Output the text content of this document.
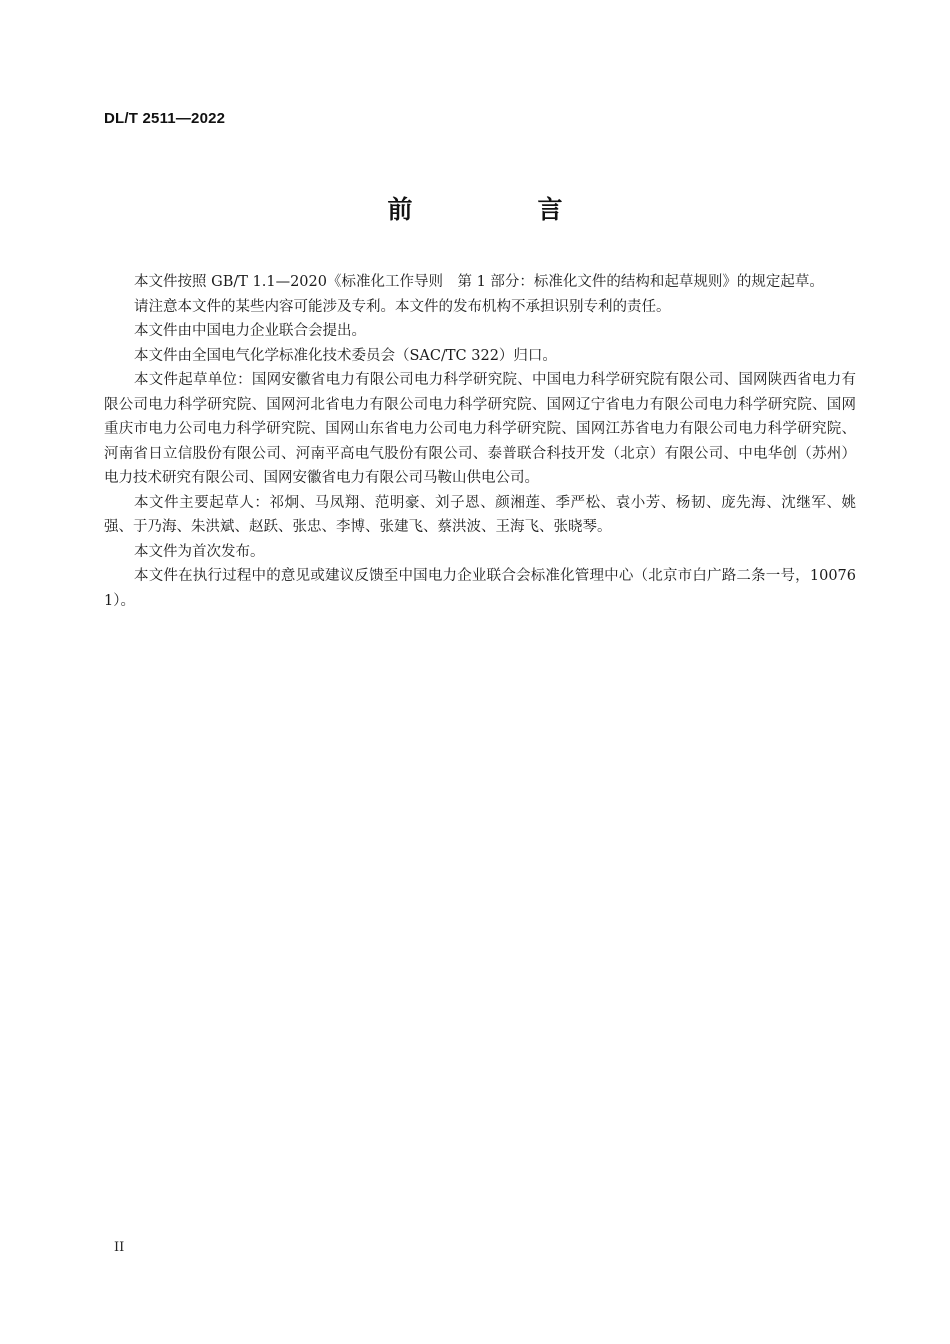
DL/T 2511—2022
前　言

本文件按照 GB/T 1.1—2020《标准化工作导则　第 1 部分：标准化文件的结构和起草规则》的规定起草。

请注意本文件的某些内容可能涉及专利。本文件的发布机构不承担识别专利的责任。

本文件由中国电力企业联合会提出。

本文件由全国电气化学标准化技术委员会（SAC/TC 322）归口。

本文件起草单位：国网安徽省电力有限公司电力科学研究院、中国电力科学研究院有限公司、国网陕西省电力有限公司电力科学研究院、国网河北省电力有限公司电力科学研究院、国网辽宁省电力有限公司电力科学研究院、国网重庆市电力公司电力科学研究院、国网山东省电力公司电力科学研究院、国网江苏省电力有限公司电力科学研究院、河南省日立信股份有限公司、河南平高电气股份有限公司、泰普联合科技开发（北京）有限公司、中电华创（苏州）电力技术研究有限公司、国网安徽省电力有限公司马鞍山供电公司。

本文件主要起草人：祁炯、马凤翔、范明豪、刘子恩、颜湘莲、季严松、袁小芳、杨韧、庞先海、沈继军、姚强、于乃海、朱洪斌、赵跃、张忠、李博、张建飞、蔡洪波、王海飞、张晓琴。

本文件为首次发布。

本文件在执行过程中的意见或建议反馈至中国电力企业联合会标准化管理中心（北京市白广路二条一号，100761）。

II
